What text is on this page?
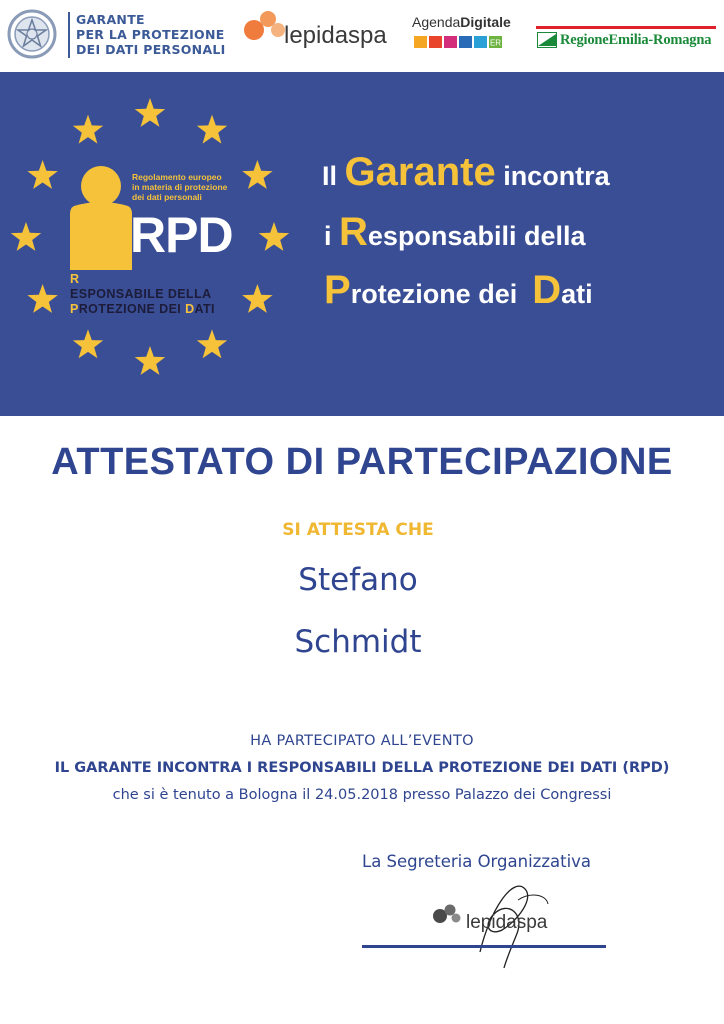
GARANTE
PER LA PROTEZIONE
DEI DATI PERSONALI
lepidaspa AgendaDigitale
ER	RegioneEmilia-Romagna
Regolamento europeo
in materia di protezione
dei dati personali
RPD
R
ESPONSABILE DELLA
PROTEZIONE DEI DATI
Il Garante incontra
i Responsabili della
Protezione dei  Dati
ATTESTATO DI PARTECIPAZIONE
SI ATTESTA CHE
Stefano
Schmidt
HA PARTECIPATO ALL’EVENTO
IL GARANTE INCONTRA I RESPONSABILI DELLA PROTEZIONE DEI DATI (RPD)
che si è tenuto a Bologna il 24.05.2018 presso Palazzo dei Congressi
La Segreteria Organizzativa
lepidaspa
